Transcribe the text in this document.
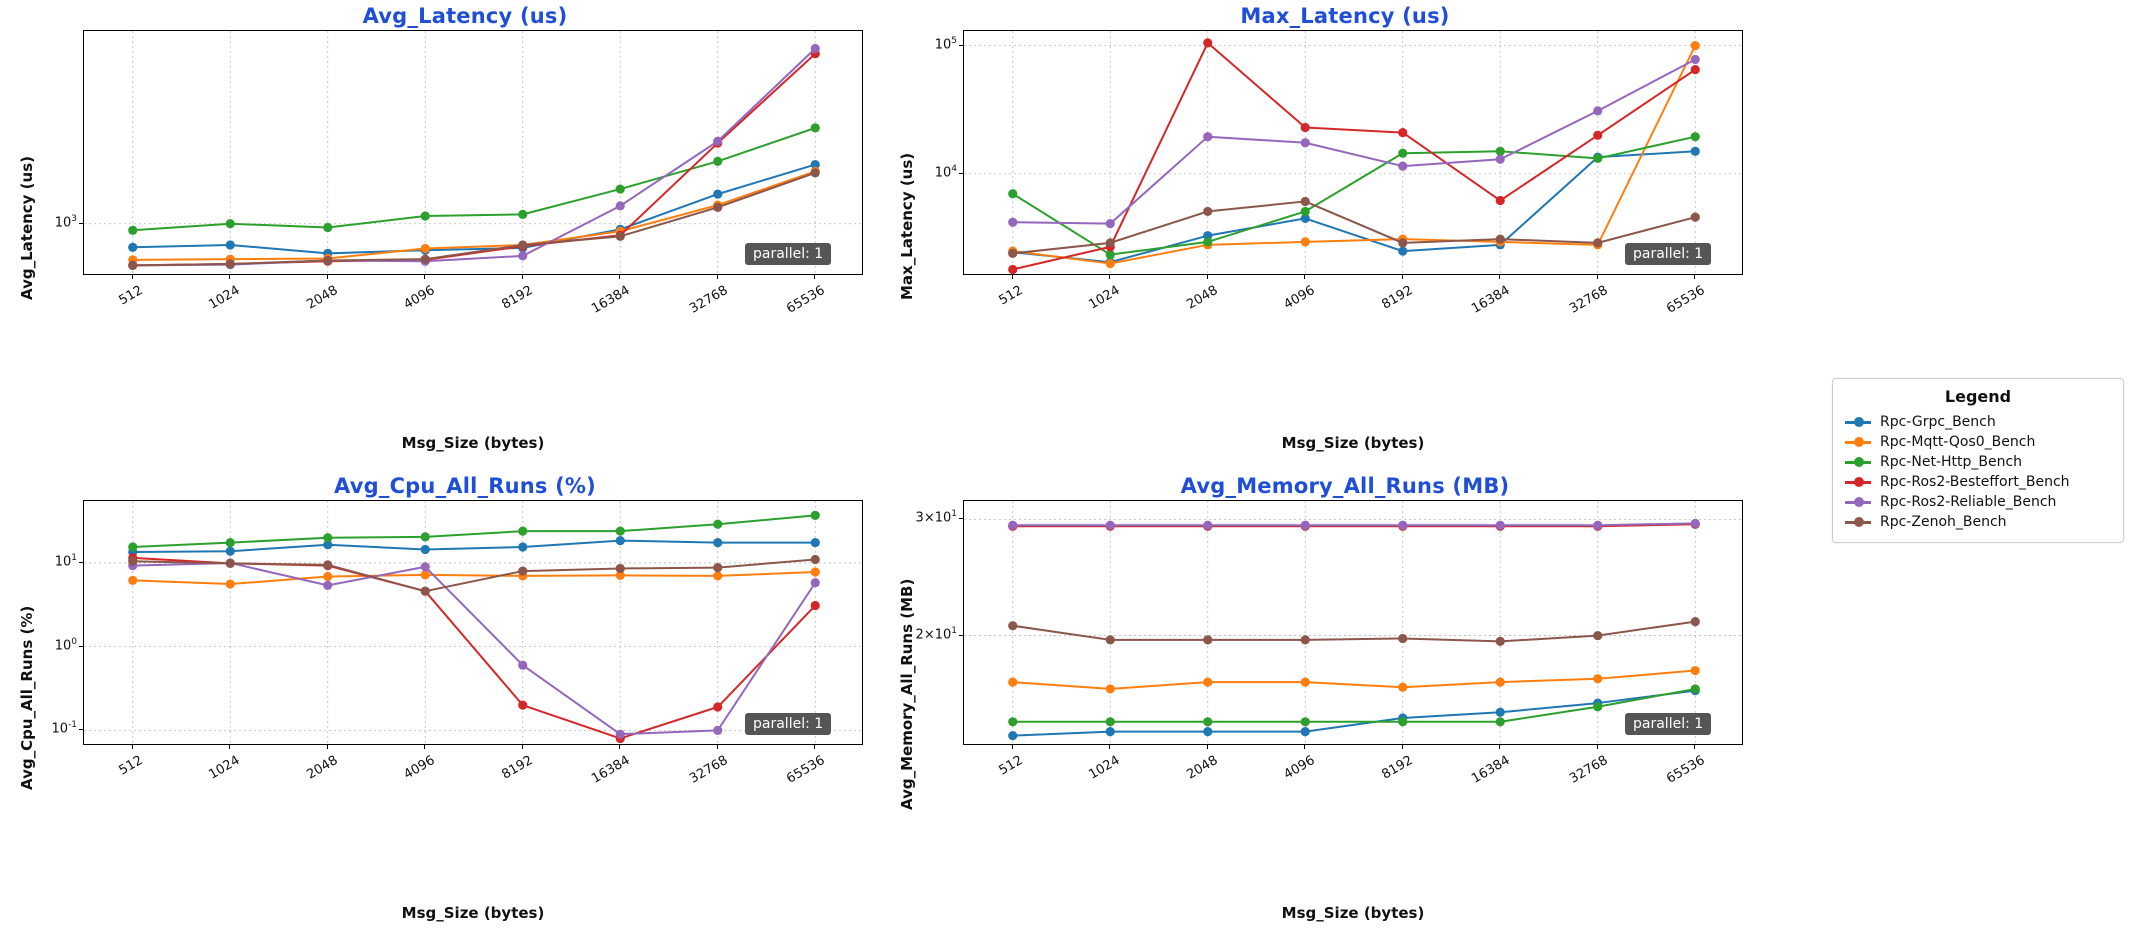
Avg_Latency (us)
Avg_Latency (us)
Msg_Size (bytes)
512	1024	2048	4096	8192	16384	32768	65536
$10^3$
parallel: 1
Max_Latency (us)
Max_Latency (us)
Msg_Size (bytes)
512	1024	2048	4096	8192	16384	32768	65536
$10^4$
$10^5$
parallel: 1
Avg_Cpu_All_Runs (%)
Avg_Cpu_All_Runs (%)
Msg_Size (bytes)
512	1024	2048	4096	8192	16384	32768	65536
$10^1$
$10^0$
$10^{-1}$	parallel: 1
Avg_Memory_All_Runs (MB)
Avg_Memory_All_Runs (MB)
Msg_Size (bytes)
512	1024	2048	4096	8192	16384	32768	65536
$3\times 10^1$
$2\times 10^1$
parallel: 1
Legend
Rpc-Grpc_Bench
Rpc-Mqtt-Qos0_Bench
Rpc-Net-Http_Bench
Rpc-Ros2-Besteffort_Bench
Rpc-Ros2-Reliable_Bench
Rpc-Zenoh_Bench
